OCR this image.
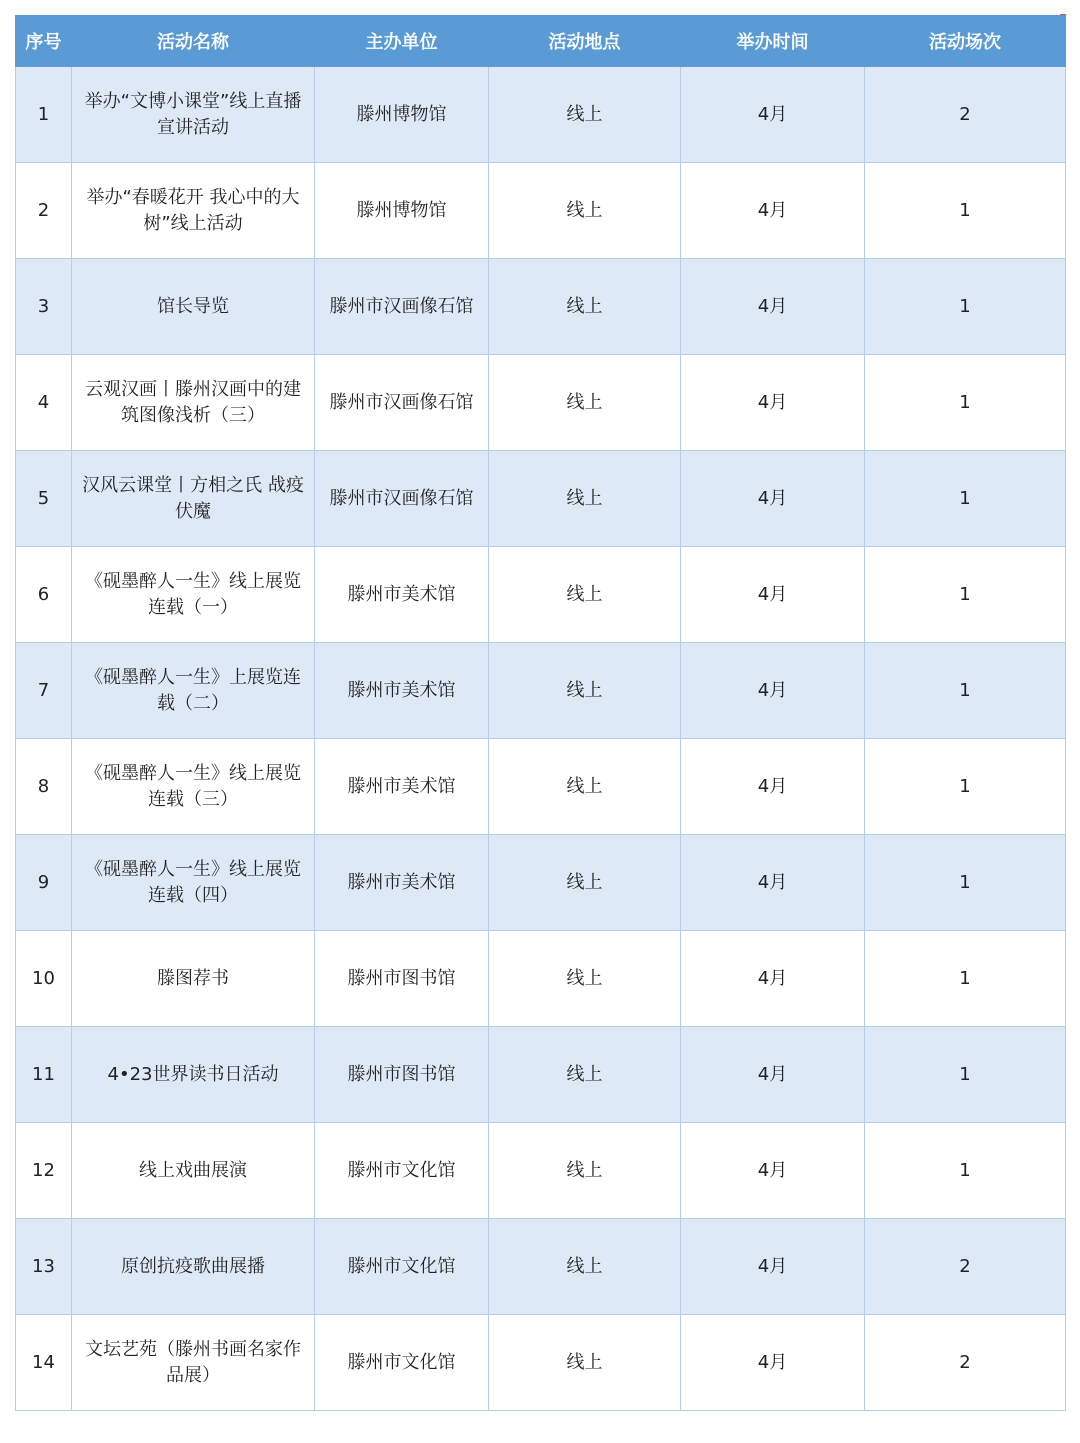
序号	活动名称	主办单位	活动地点	举办时间	活动场次
1	举办“文博小课堂”线上直播宣讲活动	滕州博物馆	线上	4月	2
2	举办“春暖花开 我心中的大树”线上活动	滕州博物馆	线上	4月	1
3	馆长导览	滕州市汉画像石馆	线上	4月	1
4	云观汉画丨滕州汉画中的建筑图像浅析（三）	滕州市汉画像石馆	线上	4月	1
5	汉风云课堂丨方相之氏 战疫伏魔	滕州市汉画像石馆	线上	4月	1
6	《砚墨醉人一生》线上展览连载（一）	滕州市美术馆	线上	4月	1
7	《砚墨醉人一生》上展览连载（二）	滕州市美术馆	线上	4月	1
8	《砚墨醉人一生》线上展览连载（三）	滕州市美术馆	线上	4月	1
9	《砚墨醉人一生》线上展览连载（四）	滕州市美术馆	线上	4月	1
10	滕图荐书	滕州市图书馆	线上	4月	1
11	4•23世界读书日活动	滕州市图书馆	线上	4月	1
12	线上戏曲展演	滕州市文化馆	线上	4月	1
13	原创抗疫歌曲展播	滕州市文化馆	线上	4月	2
14	文坛艺苑（滕州书画名家作品展）	滕州市文化馆	线上	4月	2
